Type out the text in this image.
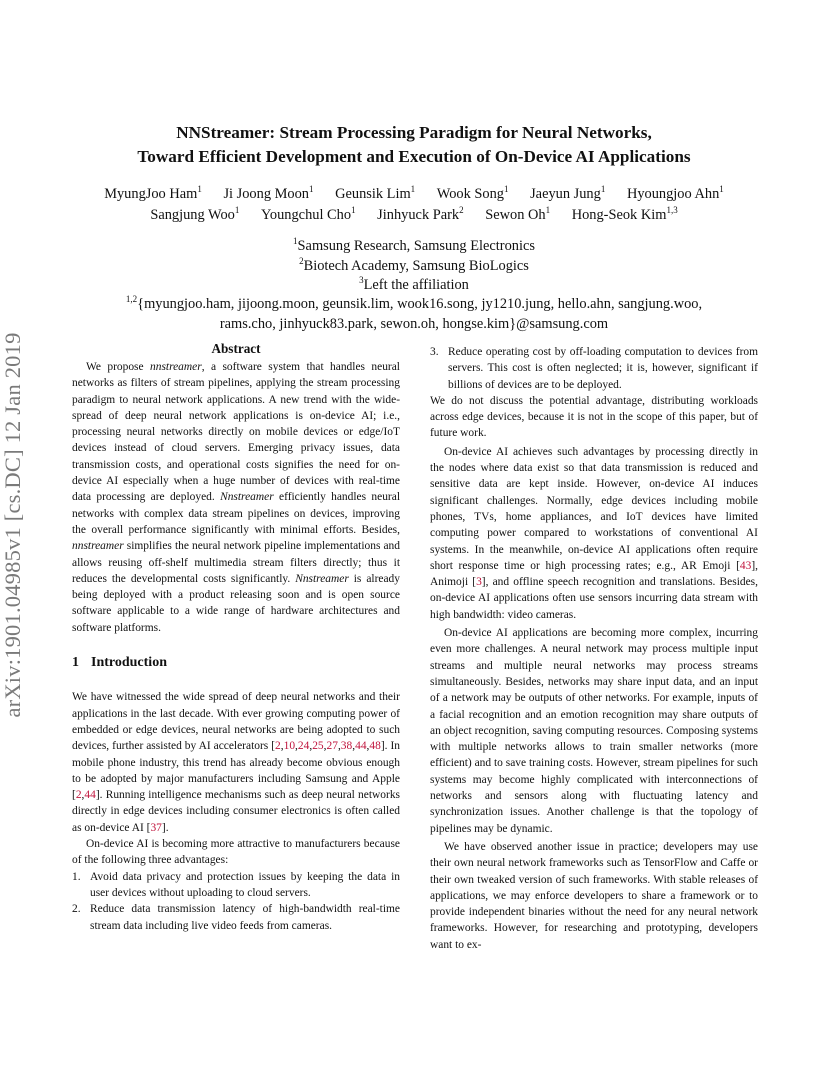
arXiv:1901.04985v1 [cs.DC] 12 Jan 2019
NNStreamer: Stream Processing Paradigm for Neural Networks,
Toward Efficient Development and Execution of On-Device AI Applications
MyungJoo Ham$^1$ Ji Joong Moon$^1$ Geunsik Lim$^1$ Wook Song$^1$ Jaeyun Jung$^1$ Hyoungjoo Ahn$^1$
Sangjung Woo$^1$ Youngchul Cho$^1$ Jinhyuck Park$^2$ Sewon Oh$^1$ Hong-Seok Kim$^{1,3}$
$^1$Samsung Research, Samsung Electronics
$^2$Biotech Academy, Samsung BioLogics
$^3$Left the affiliation
$^{1,2}${myungjoo.ham, jijoong.moon, geunsik.lim, wook16.song, jy1210.jung, hello.ahn, sangjung.woo,
rams.cho, jinhyuck83.park, sewon.oh, hongse.kim}@samsung.com
Abstract

We propose nnstreamer, a software system that handles neural networks as filters of stream pipelines, applying the stream processing paradigm to neural network applications. A new trend with the wide-spread of deep neural network applications is on-device AI; i.e., processing neural networks directly on mobile devices or edge/IoT devices instead of cloud servers. Emerging privacy issues, data transmission costs, and operational costs signifies the need for on-device AI especially when a huge number of devices with real-time data processing are deployed. Nnstreamer efficiently handles neural networks with complex data stream pipelines on devices, improving the overall performance significantly with minimal efforts. Besides, nnstreamer simplifies the neural network pipeline implementations and allows reusing off-shelf multimedia stream filters directly; thus it reduces the developmental costs significantly. Nnstreamer is already being deployed with a product releasing soon and is open source software applicable to a wide range of hardware architectures and software platforms.

1 Introduction

We have witnessed the wide spread of deep neural networks and their applications in the last decade. With ever growing computing power of embedded or edge devices, neural networks are being adopted to such devices, further assisted by AI accelerators [2,10,24,25,27,38,44,48]. In mobile phone industry, this trend has already become obvious enough to be adopted by major manufacturers including Samsung and Apple [2,44]. Running intelligence mechanisms such as deep neural networks directly in edge devices including consumer electronics is often called as on-device AI [37].

On-device AI is becoming more attractive to manufacturers because of the following three advantages:

1. Avoid data privacy and protection issues by keeping the data in user devices without uploading to cloud servers.
2. Reduce data transmission latency of high-bandwidth real-time stream data including live video feeds from cameras.
3. Reduce operating cost by off-loading computation to devices from servers. This cost is often neglected; it is, however, significant if billions of devices are to be deployed.

We do not discuss the potential advantage, distributing workloads across edge devices, because it is not in the scope of this paper, but of future work.

On-device AI achieves such advantages by processing directly in the nodes where data exist so that data transmission is reduced and sensitive data are kept inside. However, on-device AI induces significant challenges. Normally, edge devices including mobile phones, TVs, home appliances, and IoT devices have limited computing power compared to workstations of conventional AI systems. In the meanwhile, on-device AI applications often require short response time or high processing rates; e.g., AR Emoji [43], Animoji [3], and offline speech recognition and translations. Besides, on-device AI applications often use sensors incurring data stream with high bandwidth: video cameras.

On-device AI applications are becoming more complex, incurring even more challenges. A neural network may process multiple input streams and multiple neural networks may process streams simultaneously. Besides, networks may share input data, and an input of a network may be outputs of other networks. For example, inputs of a facial recognition and an emotion recognition may share outputs of an object recognition, saving computing resources. Composing systems with multiple networks allows to train smaller networks (more efficient) and to save training costs. However, stream pipelines for such systems may become highly complicated with interconnections of networks and sensors along with fluctuating latency and synchronization issues. Another challenge is that the topology of pipelines may be dynamic.

We have observed another issue in practice; developers may use their own neural network frameworks such as TensorFlow and Caffe or their own tweaked version of such frameworks. With stable releases of applications, we may enforce developers to share a framework or to provide independent binaries without the need for any neural network frameworks. However, for researching and prototyping, developers want to ex-
